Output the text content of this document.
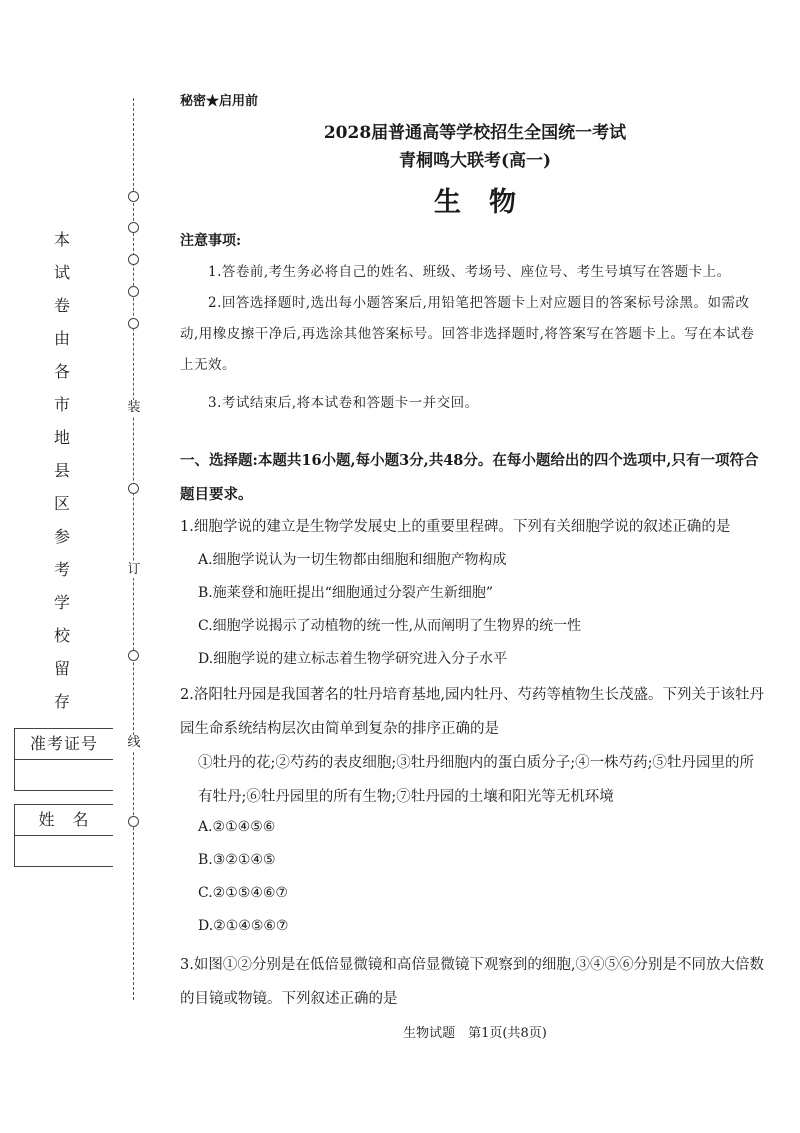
本
试
卷
由
各
市
地
县
区
参
考
学
校
留
存
准考证号
姓　名
装
订
线
秘密★启用前
2028届普通高等学校招生全国统一考试
青桐鸣大联考(高一)
生物
注意事项:
1.答卷前,考生务必将自己的姓名、班级、考场号、座位号、考生号填写在答题卡上。
2.回答选择题时,选出每小题答案后,用铅笔把答题卡上对应题目的答案标号涂黑。如需改动,用橡皮擦干净后,再选涂其他答案标号。回答非选择题时,将答案写在答题卡上。写在本试卷上无效。
3.考试结束后,将本试卷和答题卡一并交回。
一、选择题:本题共16小题,每小题3分,共48分。在每小题给出的四个选项中,只有一项符合题目要求。
1.细胞学说的建立是生物学发展史上的重要里程碑。下列有关细胞学说的叙述正确的是
A.细胞学说认为一切生物都由细胞和细胞产物构成
B.施莱登和施旺提出“细胞通过分裂产生新细胞”
C.细胞学说揭示了动植物的统一性,从而阐明了生物界的统一性
D.细胞学说的建立标志着生物学研究进入分子水平
2.洛阳牡丹园是我国著名的牡丹培育基地,园内牡丹、芍药等植物生长茂盛。下列关于该牡丹园生命系统结构层次由简单到复杂的排序正确的是
①牡丹的花;②芍药的表皮细胞;③牡丹细胞内的蛋白质分子;④一株芍药;⑤牡丹园里的所有牡丹;⑥牡丹园里的所有生物;⑦牡丹园的土壤和阳光等无机环境
A.②①④⑤⑥
B.③②①④⑤
C.②①⑤④⑥⑦
D.②①④⑤⑥⑦
3.如图①②分别是在低倍显微镜和高倍显微镜下观察到的细胞,③④⑤⑥分别是不同放大倍数的目镜或物镜。下列叙述正确的是
生物试题　第1页(共8页)
